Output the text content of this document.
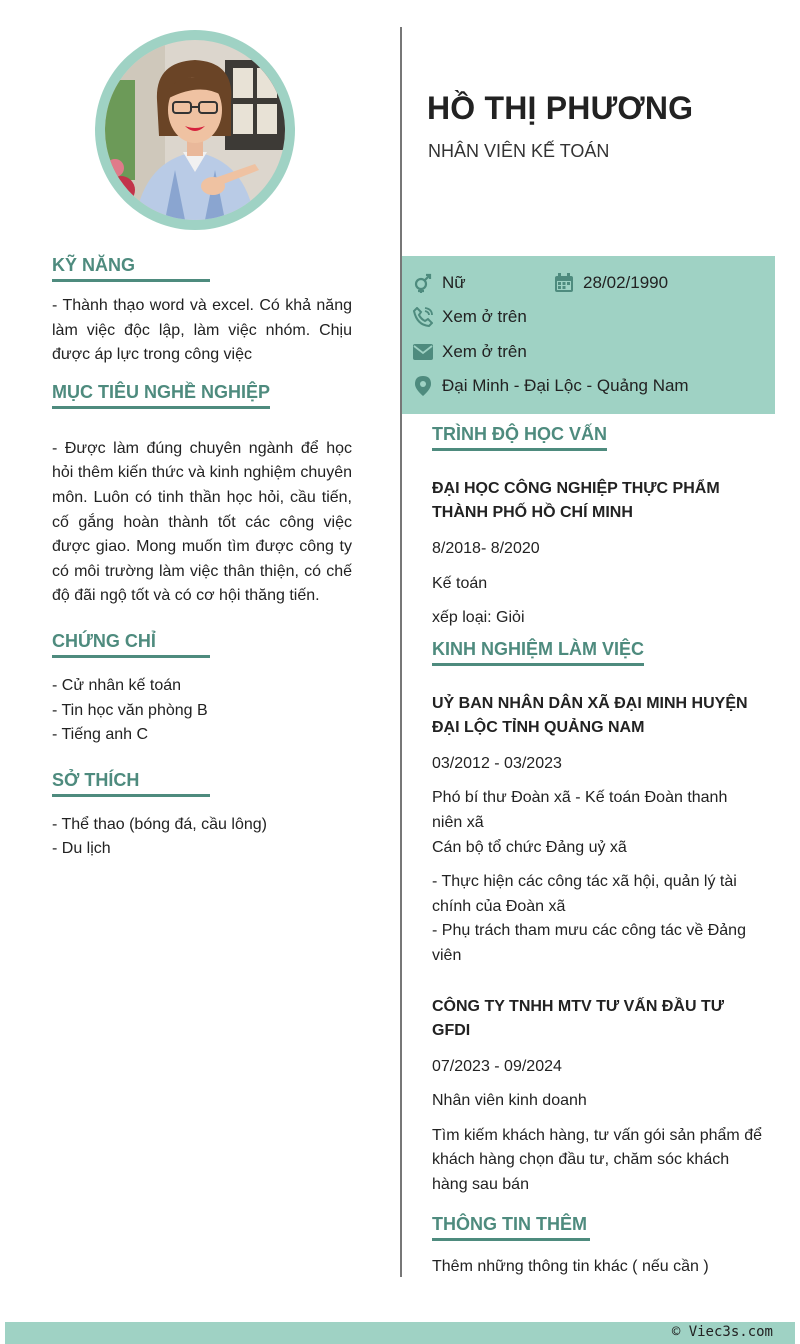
KỸ NĂNG
- Thành thạo word và excel. Có khả năng làm việc độc lập, làm việc nhóm. Chịu được áp lực trong công việc
MỤC TIÊU NGHỀ NGHIỆP
- Được làm đúng chuyên ngành để học hỏi thêm kiến thức và kinh nghiệm chuyên môn. Luôn có tinh thần học hỏi, cầu tiến, cố gắng hoàn thành tốt các công việc được giao. Mong muốn tìm được công ty có môi trường làm việc thân thiện, có chế độ đãi ngộ tốt và có cơ hội thăng tiến.
CHỨNG CHỈ
- Cử nhân kế toán
- Tin học văn phòng B
- Tiếng anh C
SỞ THÍCH
- Thể thao (bóng đá, cầu lông)
- Du lịch
HỒ THỊ PHƯƠNG
NHÂN VIÊN KẾ TOÁN
Nữ	28/02/1990
Xem ở trên
Xem ở trên
Đại Minh - Đại Lộc - Quảng Nam
TRÌNH ĐỘ HỌC VẤN
ĐẠI HỌC CÔNG NGHIỆP THỰC PHẨM THÀNH PHỐ HỒ CHÍ MINH
8/2018- 8/2020
Kế toán
xếp loại: Giỏi
KINH NGHIỆM LÀM VIỆC
UỶ BAN NHÂN DÂN XÃ ĐẠI MINH HUYỆN ĐẠI LỘC TỈNH QUẢNG NAM
03/2012 - 03/2023
Phó bí thư Đoàn xã - Kế toán Đoàn thanh niên xã
Cán bộ tổ chức Đảng uỷ xã
- Thực hiện các công tác xã hội, quản lý tài chính của Đoàn xã
- Phụ trách tham mưu các công tác về Đảng viên
CÔNG TY TNHH MTV TƯ VẤN ĐẦU TƯ GFDI
07/2023 - 09/2024
Nhân viên kinh doanh
Tìm kiếm khách hàng, tư vấn gói sản phẩm để khách hàng chọn đầu tư, chăm sóc khách hàng sau bán
THÔNG TIN THÊM
Thêm những thông tin khác ( nếu cần )
© Viec3s.com
